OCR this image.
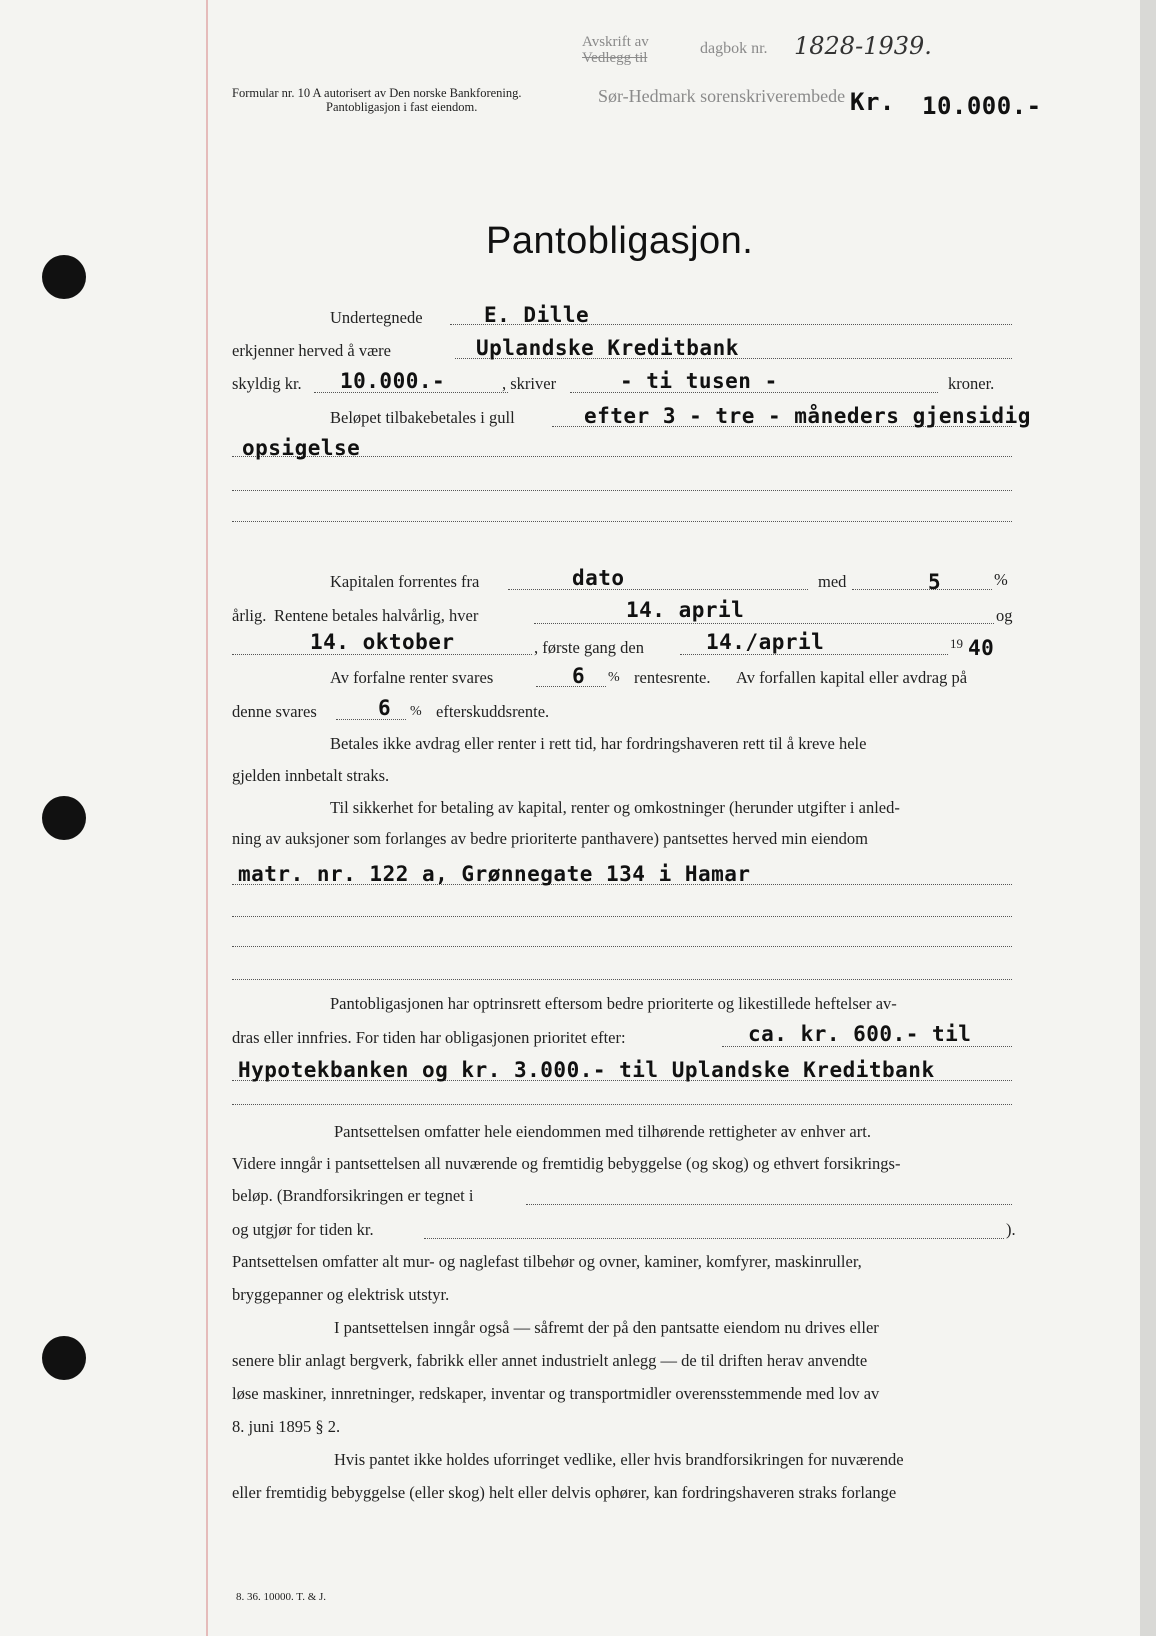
Formular nr. 10 A autorisert av Den norske Bankforening.
Pantobligasjon i fast eiendom.
Avskrift av
Vedlegg til
dagbok nr. 1828-1939.
Sør-Hedmark sorenskriverembede Kr. 10.000.-
Pantobligasjon.
Undertegnede	E. Dille
erkjenner herved å være	Uplandske Kreditbank
skyldig kr. 10.000.-	, skriver	- ti tusen -	kroner.
Beløpet tilbakebetales i gull	efter 3 - tre - måneders gjensidig
opsigelse
Kapitalen forrentes fra	dato	med	5	%
årlig. Rentene betales halvårlig, hver	14. april	og
14. oktober	, første gang den	14./april	19 40
Av forfalne renter svares	6 % rentesrente. Av forfallen kapital eller avdrag på
denne svares	6 % efterskuddsrente.
Betales ikke avdrag eller renter i rett tid, har fordringshaveren rett til å kreve hele
gjelden innbetalt straks.
Til sikkerhet for betaling av kapital, renter og omkostninger (herunder utgifter i anled-
ning av auksjoner som forlanges av bedre prioriterte panthavere) pantsettes herved min eiendom
matr. nr. 122 a, Grønnegate 134 i Hamar
Pantobligasjonen har optrinsrett eftersom bedre prioriterte og likestillede heftelser av-
dras eller innfries. For tiden har obligasjonen prioritet efter:	ca. kr. 600.- til
Hypotekbanken og kr. 3.000.- til Uplandske Kreditbank
Pantsettelsen omfatter hele eiendommen med tilhørende rettigheter av enhver art.
Videre inngår i pantsettelsen all nuværende og fremtidig bebyggelse (og skog) og ethvert forsikrings-
beløp. (Brandforsikringen er tegnet i
og utgjør for tiden kr.	).
Pantsettelsen omfatter alt mur- og naglefast tilbehør og ovner, kaminer, komfyrer, maskinruller,
bryggepanner og elektrisk utstyr.
I pantsettelsen inngår også — såfremt der på den pantsatte eiendom nu drives eller
senere blir anlagt bergverk, fabrikk eller annet industrielt anlegg — de til driften herav anvendte
løse maskiner, innretninger, redskaper, inventar og transportmidler overensstemmende med lov av
8. juni 1895 § 2.
Hvis pantet ikke holdes uforringet vedlike, eller hvis brandforsikringen for nuværende
eller fremtidig bebyggelse (eller skog) helt eller delvis ophører, kan fordringshaveren straks forlange
8. 36. 10000. T. & J.
